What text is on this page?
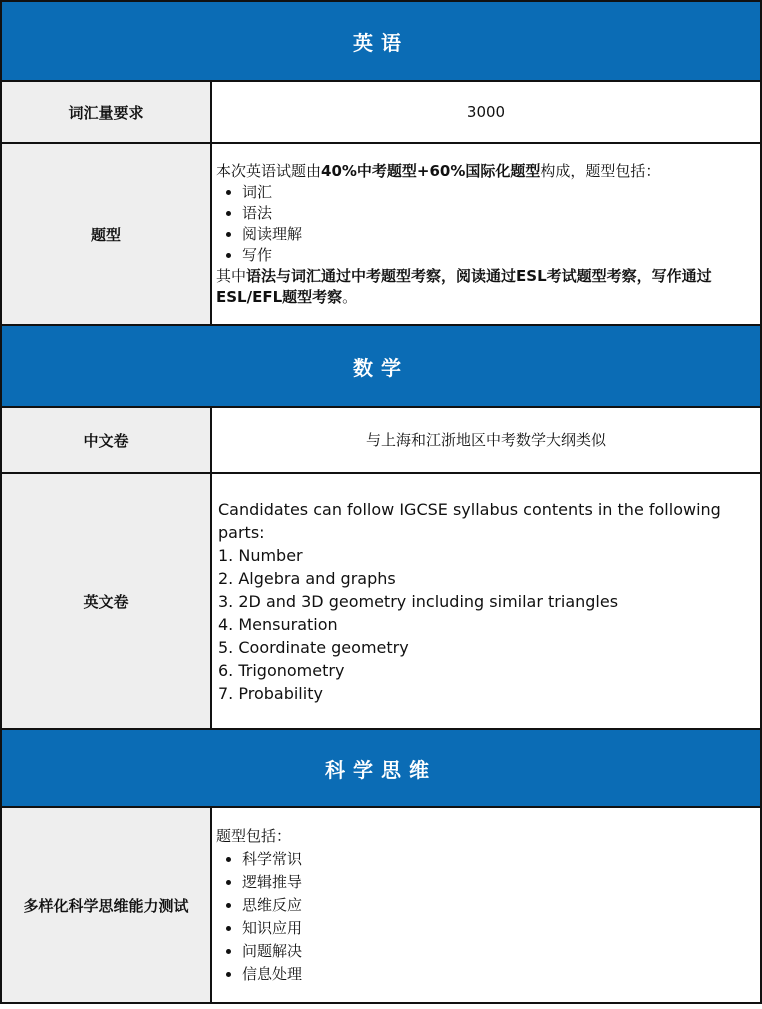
英语
词汇量要求	3000
题型
本次英语试题由40%中考题型+60%国际化题型构成，题型包括：
• 词汇
• 语法
• 阅读理解
• 写作
其中语法与词汇通过中考题型考察，阅读通过ESL考试题型考察，写作通过ESL/EFL题型考察。
数学
中文卷	与上海和江浙地区中考数学大纲类似
英文卷
Candidates can follow IGCSE syllabus contents in the following parts:
1. Number
2. Algebra and graphs
3. 2D and 3D geometry including similar triangles
4. Mensuration
5. Coordinate geometry
6. Trigonometry
7. Probability
科学思维
多样化科学思维能力测试
题型包括：
• 科学常识
• 逻辑推导
• 思维反应
• 知识应用
• 问题解决
• 信息处理
